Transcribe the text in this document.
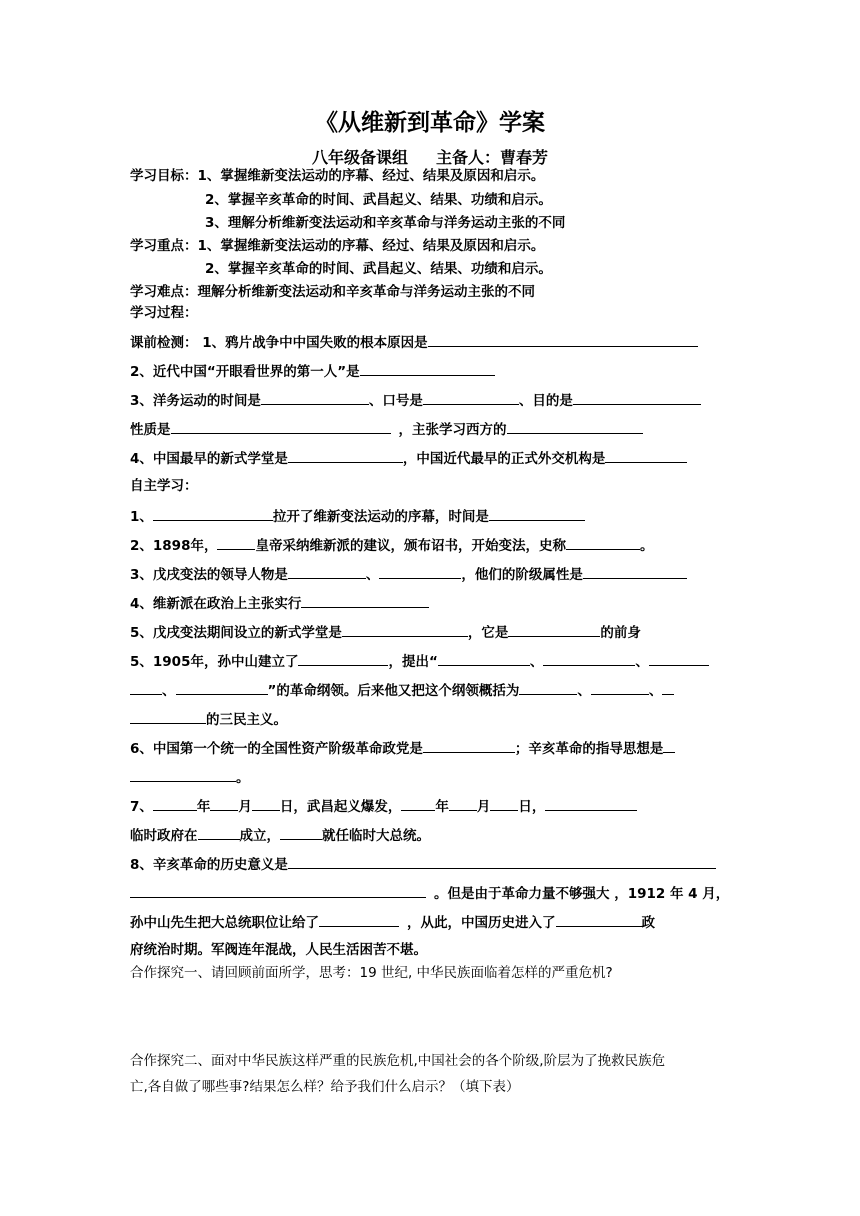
《从维新到革命》学案
八年级备课组 主备人：曹春芳
学习目标：1、掌握维新变法运动的序幕、经过、结果及原因和启示。
2、掌握辛亥革命的时间、武昌起义、结果、功绩和启示。
3、理解分析维新变法运动和辛亥革命与洋务运动主张的不同
学习重点：1、掌握维新变法运动的序幕、经过、结果及原因和启示。
2、掌握辛亥革命的时间、武昌起义、结果、功绩和启示。
学习难点：理解分析维新变法运动和辛亥革命与洋务运动主张的不同
学习过程：
课前检测： 1、鸦片战争中中国失败的根本原因是
2、近代中国“开眼看世界的第一人”是
3、洋务运动的时间是	、口号是	、目的是
性质是	，主张学习西方的
4、中国最早的新式学堂是	，中国近代最早的正式外交机构是
自主学习：
1、	拉开了维新变法运动的序幕，时间是
2、1898年，	皇帝采纳维新派的建议，颁布诏书，开始变法，史称	。
3、戊戌变法的领导人物是	、	，他们的阶级属性是
4、维新派在政治上主张实行
5、戊戌变法期间设立的新式学堂是	，它是	的前身
5、1905年，孙中山建立了	，提出“	、	、
、	”的革命纲领。后来他又把这个纲领概括为	、	、
的三民主义。
6、中国第一个统一的全国性资产阶级革命政党是	；辛亥革命的指导思想是
。
7、	年 月 日，武昌起义爆发，	年 月 日，
临时政府在	成立，	就任临时大总统。
8、辛亥革命的历史意义是
。但是由于革命力量不够强大 ，1912 年 4 月，
孙中山先生把大总统职位让给了	，从此，中国历史进入了	政
府统治时期。军阀连年混战，人民生活困苦不堪。
合作探究一、请回顾前面所学，思考：19 世纪, 中华民族面临着怎样的严重危机?
合作探究二、面对中华民族这样严重的民族危机,中国社会的各个阶级,阶层为了挽救民族危
亡,各自做了哪些事?结果怎么样？给予我们什么启示？（填下表）
